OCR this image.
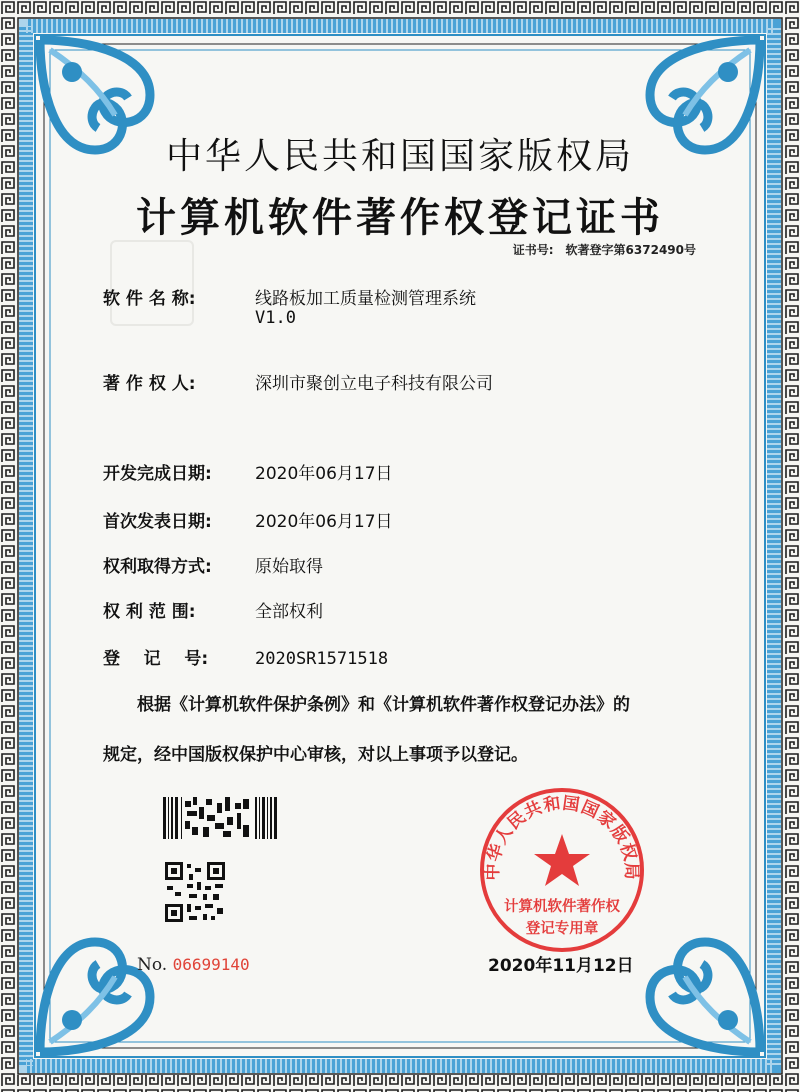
中华人民共和国国家版权局
计算机软件著作权登记证书
证书号: 软著登字第6372490号
软 件 名 称:	线路板加工质量检测管理系统
V1.0
著 作 权 人:	深圳市聚创立电子科技有限公司
开发完成日期:	2020年06月17日
首次发表日期:	2020年06月17日
权利取得方式:	原始取得
权 利 范 围:	全部权利
登    记    号:	2020SR1571518
根据《计算机软件保护条例》和《计算机软件著作权登记办法》的
规定，经中国版权保护中心审核，对以上事项予以登记。
No. 06699140
中华人民共和国国家版权局
计算机软件著作权
登记专用章
2020年11月12日
